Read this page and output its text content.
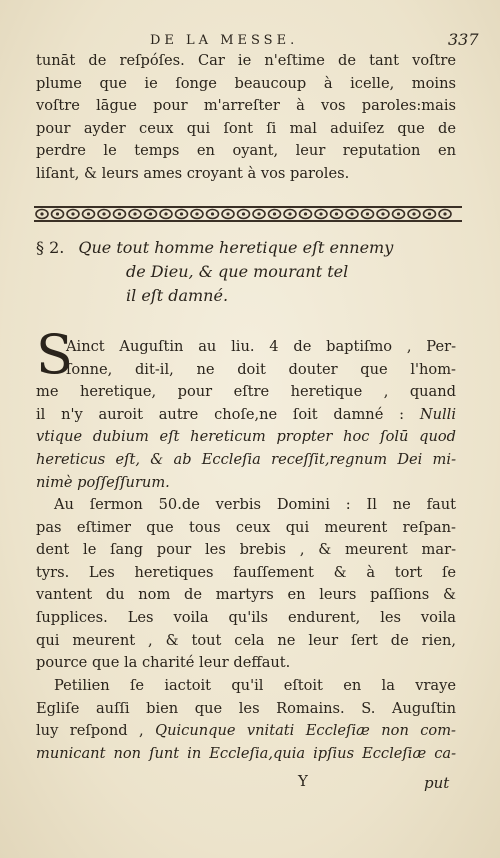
DE LA MESSE.	337
tunāt de reſpóſes. Car ie n'eſtime de tant voſtre
plume que ie ſonge beaucoup à icelle, moins
voſtre lāgue pour m'arreſter à vos paroles:mais
pour ayder ceux qui ſont ſi mal aduiſez que de
perdre le temps en oyant, leur reputation en
liſant, & leurs ames croyant à vos paroles.
§ 2. Que tout homme heretique eſt ennemy
de Dieu, & que mourant tel
il eſt damné.
S
Ainct Auguſtin au liu. 4 de baptiſmo , Per-
ſonne, dit-il, ne doit douter que l'hom-
me heretique, pour eſtre heretique , quand
il n'y auroit autre choſe,ne ſoit damné : Nulli
vtique dubium eſt hereticum propter hoc ſolū quod
hereticus eſt, & ab Eccleſia receſſit,regnum Dei mi-
nimè poſſeſſurum.
Au ſermon 50.de verbis Domini : Il ne faut
pas eſtimer que tous ceux qui meurent reſpan-
dent le ſang pour les brebis , & meurent mar-
tyrs. Les heretiques fauſſement & à tort ſe
vantent du nom de martyrs en leurs paſſions &
ſupplices. Les voila qu'ils endurent, les voila
qui meurent , & tout cela ne leur ſert de rien,
pource que la charité leur deffaut.
Petilien ſe iactoit qu'il eſtoit en la vraye
Egliſe auſſi bien que les Romains. S. Auguſtin
luy reſpond , Quicunque vnitati Eccleſiæ non com-
municant non ſunt in Eccleſia,quia ipſius Eccleſiæ ca-
Y	put
